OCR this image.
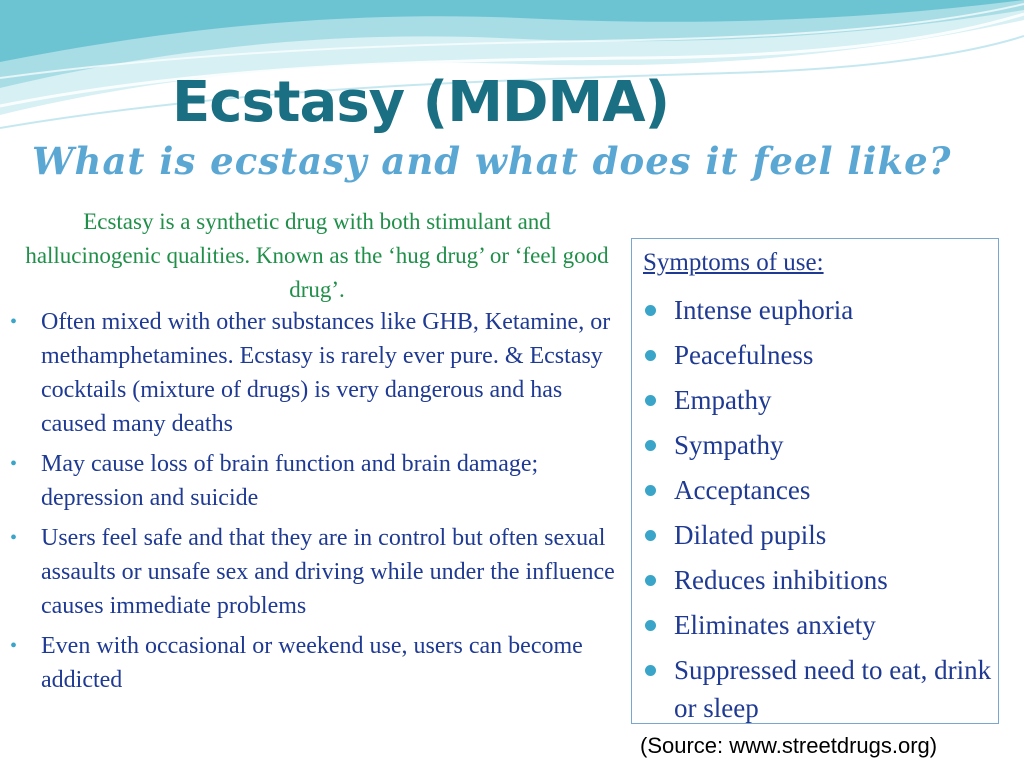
Ecstasy (MDMA)
What is ecstasy and what does it feel like?

Ecstasy is a synthetic drug with both stimulant and hallucinogenic qualities. Known as the ‘hug drug’ or ‘feel good drug’.

• Often mixed with other substances like GHB, Ketamine, or methamphetamines. Ecstasy is rarely ever pure. & Ecstasy cocktails (mixture of drugs) is very dangerous and has caused many deaths
• May cause loss of brain function and brain damage; depression and suicide
• Users feel safe and that they are in control but often sexual assaults or unsafe sex and driving while under the influence causes immediate problems
• Even with occasional or weekend use, users can become addicted

Symptoms of use:

Intense euphoria
Peacefulness
Empathy
Sympathy
Acceptances
Dilated pupils
Reduces inhibitions
Eliminates anxiety
Suppressed need to eat, drink or sleep

(Source: www.streetdrugs.org)
